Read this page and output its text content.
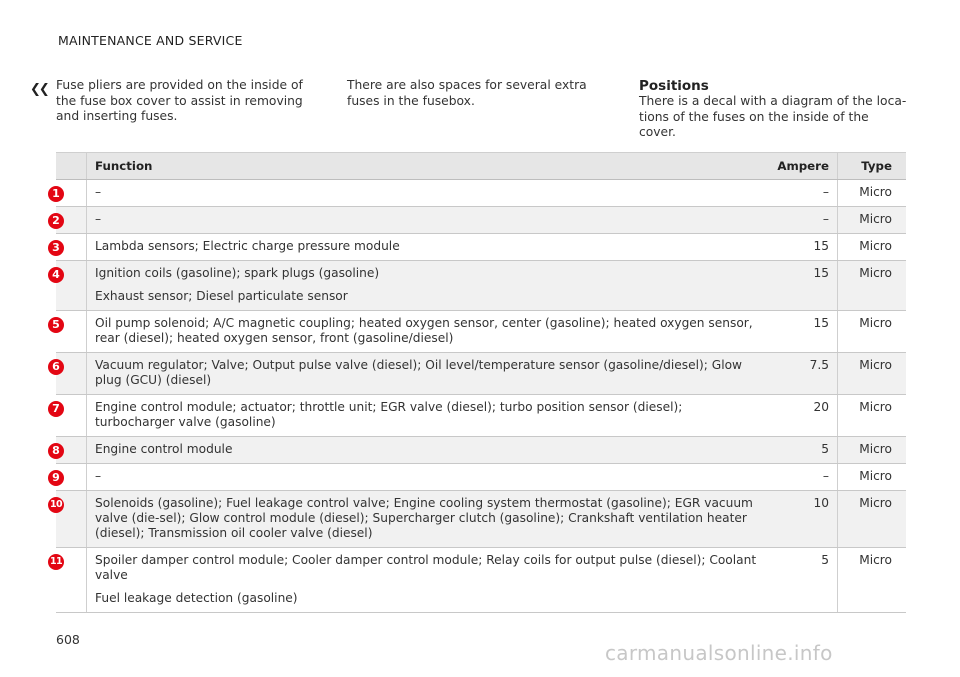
MAINTENANCE AND SERVICE
❮❮ Fuse pliers are provided on the inside of the fuse box cover to assist in removing and inserting fuses.
There are also spaces for several extra fuses in the fusebox.
Positions
There is a decal with a diagram of the loca-tions of the fuses on the inside of the cover.
	Function	Ampere	Type

1	–	–	Micro

2	–	–	Micro

3	Lambda sensors; Electric charge pressure module	15	Micro

4	Ignition coils (gasoline); spark plugs (gasoline)
Exhaust sensor; Diesel particulate sensor	15	Micro

5	Oil pump solenoid; A/C magnetic coupling; heated oxygen sensor, center (gasoline); heated oxygen sensor, rear (diesel); heated oxygen sensor, front (gasoline/diesel)	15	Micro

6	Vacuum regulator; Valve; Output pulse valve (diesel); Oil level/temperature sensor (gasoline/diesel); Glow plug (GCU) (diesel)	7.5	Micro

7	Engine control module; actuator; throttle unit; EGR valve (diesel); turbo position sensor (diesel); turbocharger valve (gasoline)	20	Micro

8	Engine control module	5	Micro

9	–	–	Micro

10	Solenoids (gasoline); Fuel leakage control valve; Engine cooling system thermostat (gasoline); EGR vacuum valve (die-sel); Glow control module (diesel); Supercharger clutch (gasoline); Crankshaft ventilation heater (diesel); Transmission oil cooler valve (diesel)	10	Micro

11	Spoiler damper control module; Cooler damper control module; Relay coils for output pulse (diesel); Coolant valve
Fuel leakage detection (gasoline)	5	Micro
608
carmanualsonline.info
